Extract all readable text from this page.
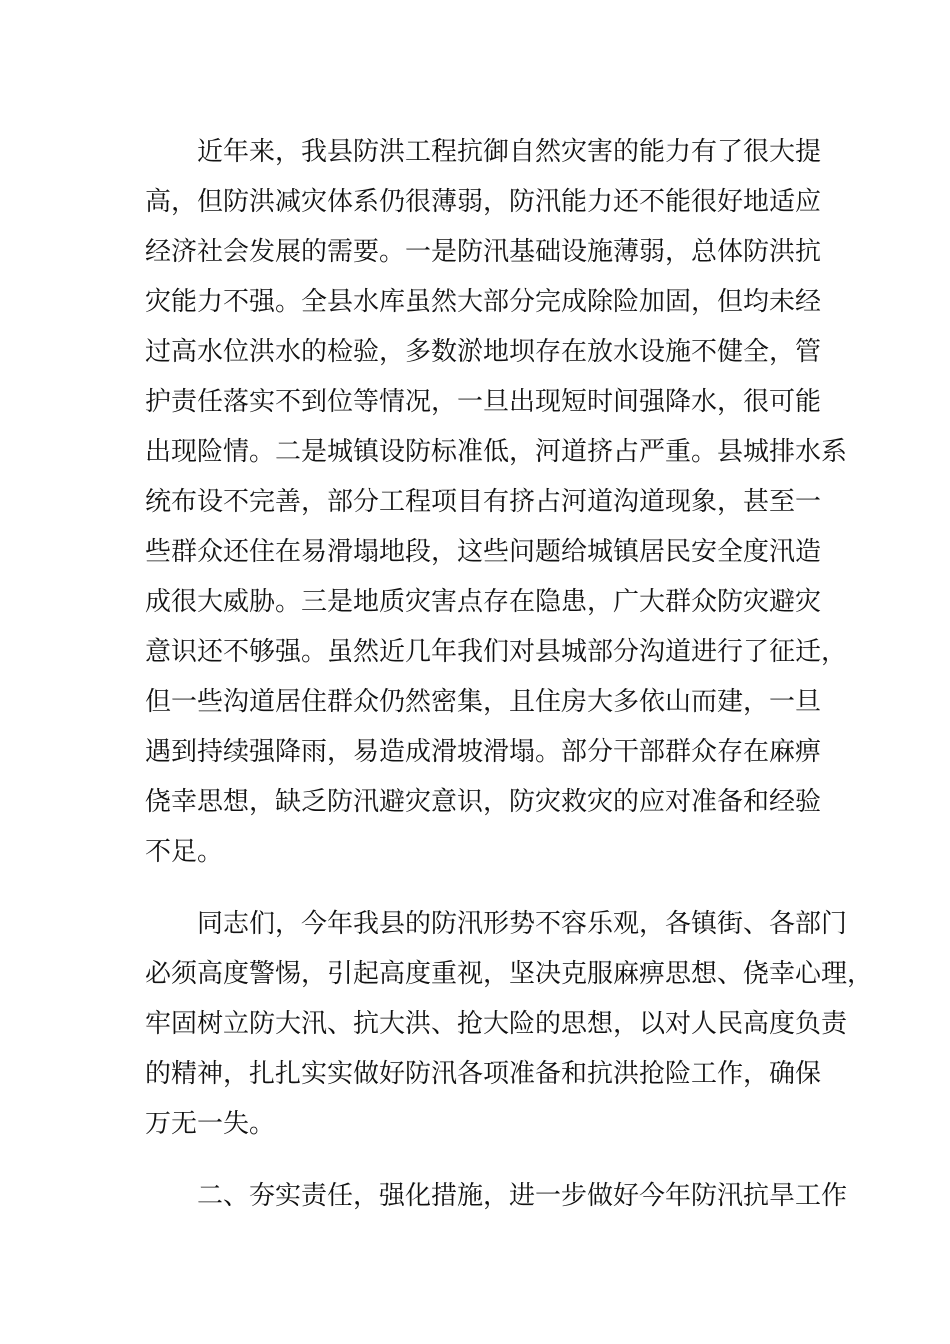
　　近年来，我县防洪工程抗御自然灾害的能力有了很大提
高，但防洪减灾体系仍很薄弱，防汛能力还不能很好地适应
经济社会发展的需要。一是防汛基础设施薄弱，总体防洪抗
灾能力不强。全县水库虽然大部分完成除险加固，但均未经
过高水位洪水的检验，多数淤地坝存在放水设施不健全，管
护责任落实不到位等情况，一旦出现短时间强降水，很可能
出现险情。二是城镇设防标准低，河道挤占严重。县城排水系
统布设不完善，部分工程项目有挤占河道沟道现象，甚至一
些群众还住在易滑塌地段，这些问题给城镇居民安全度汛造
成很大威胁。三是地质灾害点存在隐患，广大群众防灾避灾
意识还不够强。虽然近几年我们对县城部分沟道进行了征迁，
但一些沟道居住群众仍然密集，且住房大多依山而建，一旦
遇到持续强降雨，易造成滑坡滑塌。部分干部群众存在麻痹
侥幸思想，缺乏防汛避灾意识，防灾救灾的应对准备和经验
不足。
　　同志们，今年我县的防汛形势不容乐观，各镇街、各部门
必须高度警惕，引起高度重视，坚决克服麻痹思想、侥幸心理，
牢固树立防大汛、抗大洪、抢大险的思想，以对人民高度负责
的精神，扎扎实实做好防汛各项准备和抗洪抢险工作，确保
万无一失。
　　二、夯实责任，强化措施，进一步做好今年防汛抗旱工作
